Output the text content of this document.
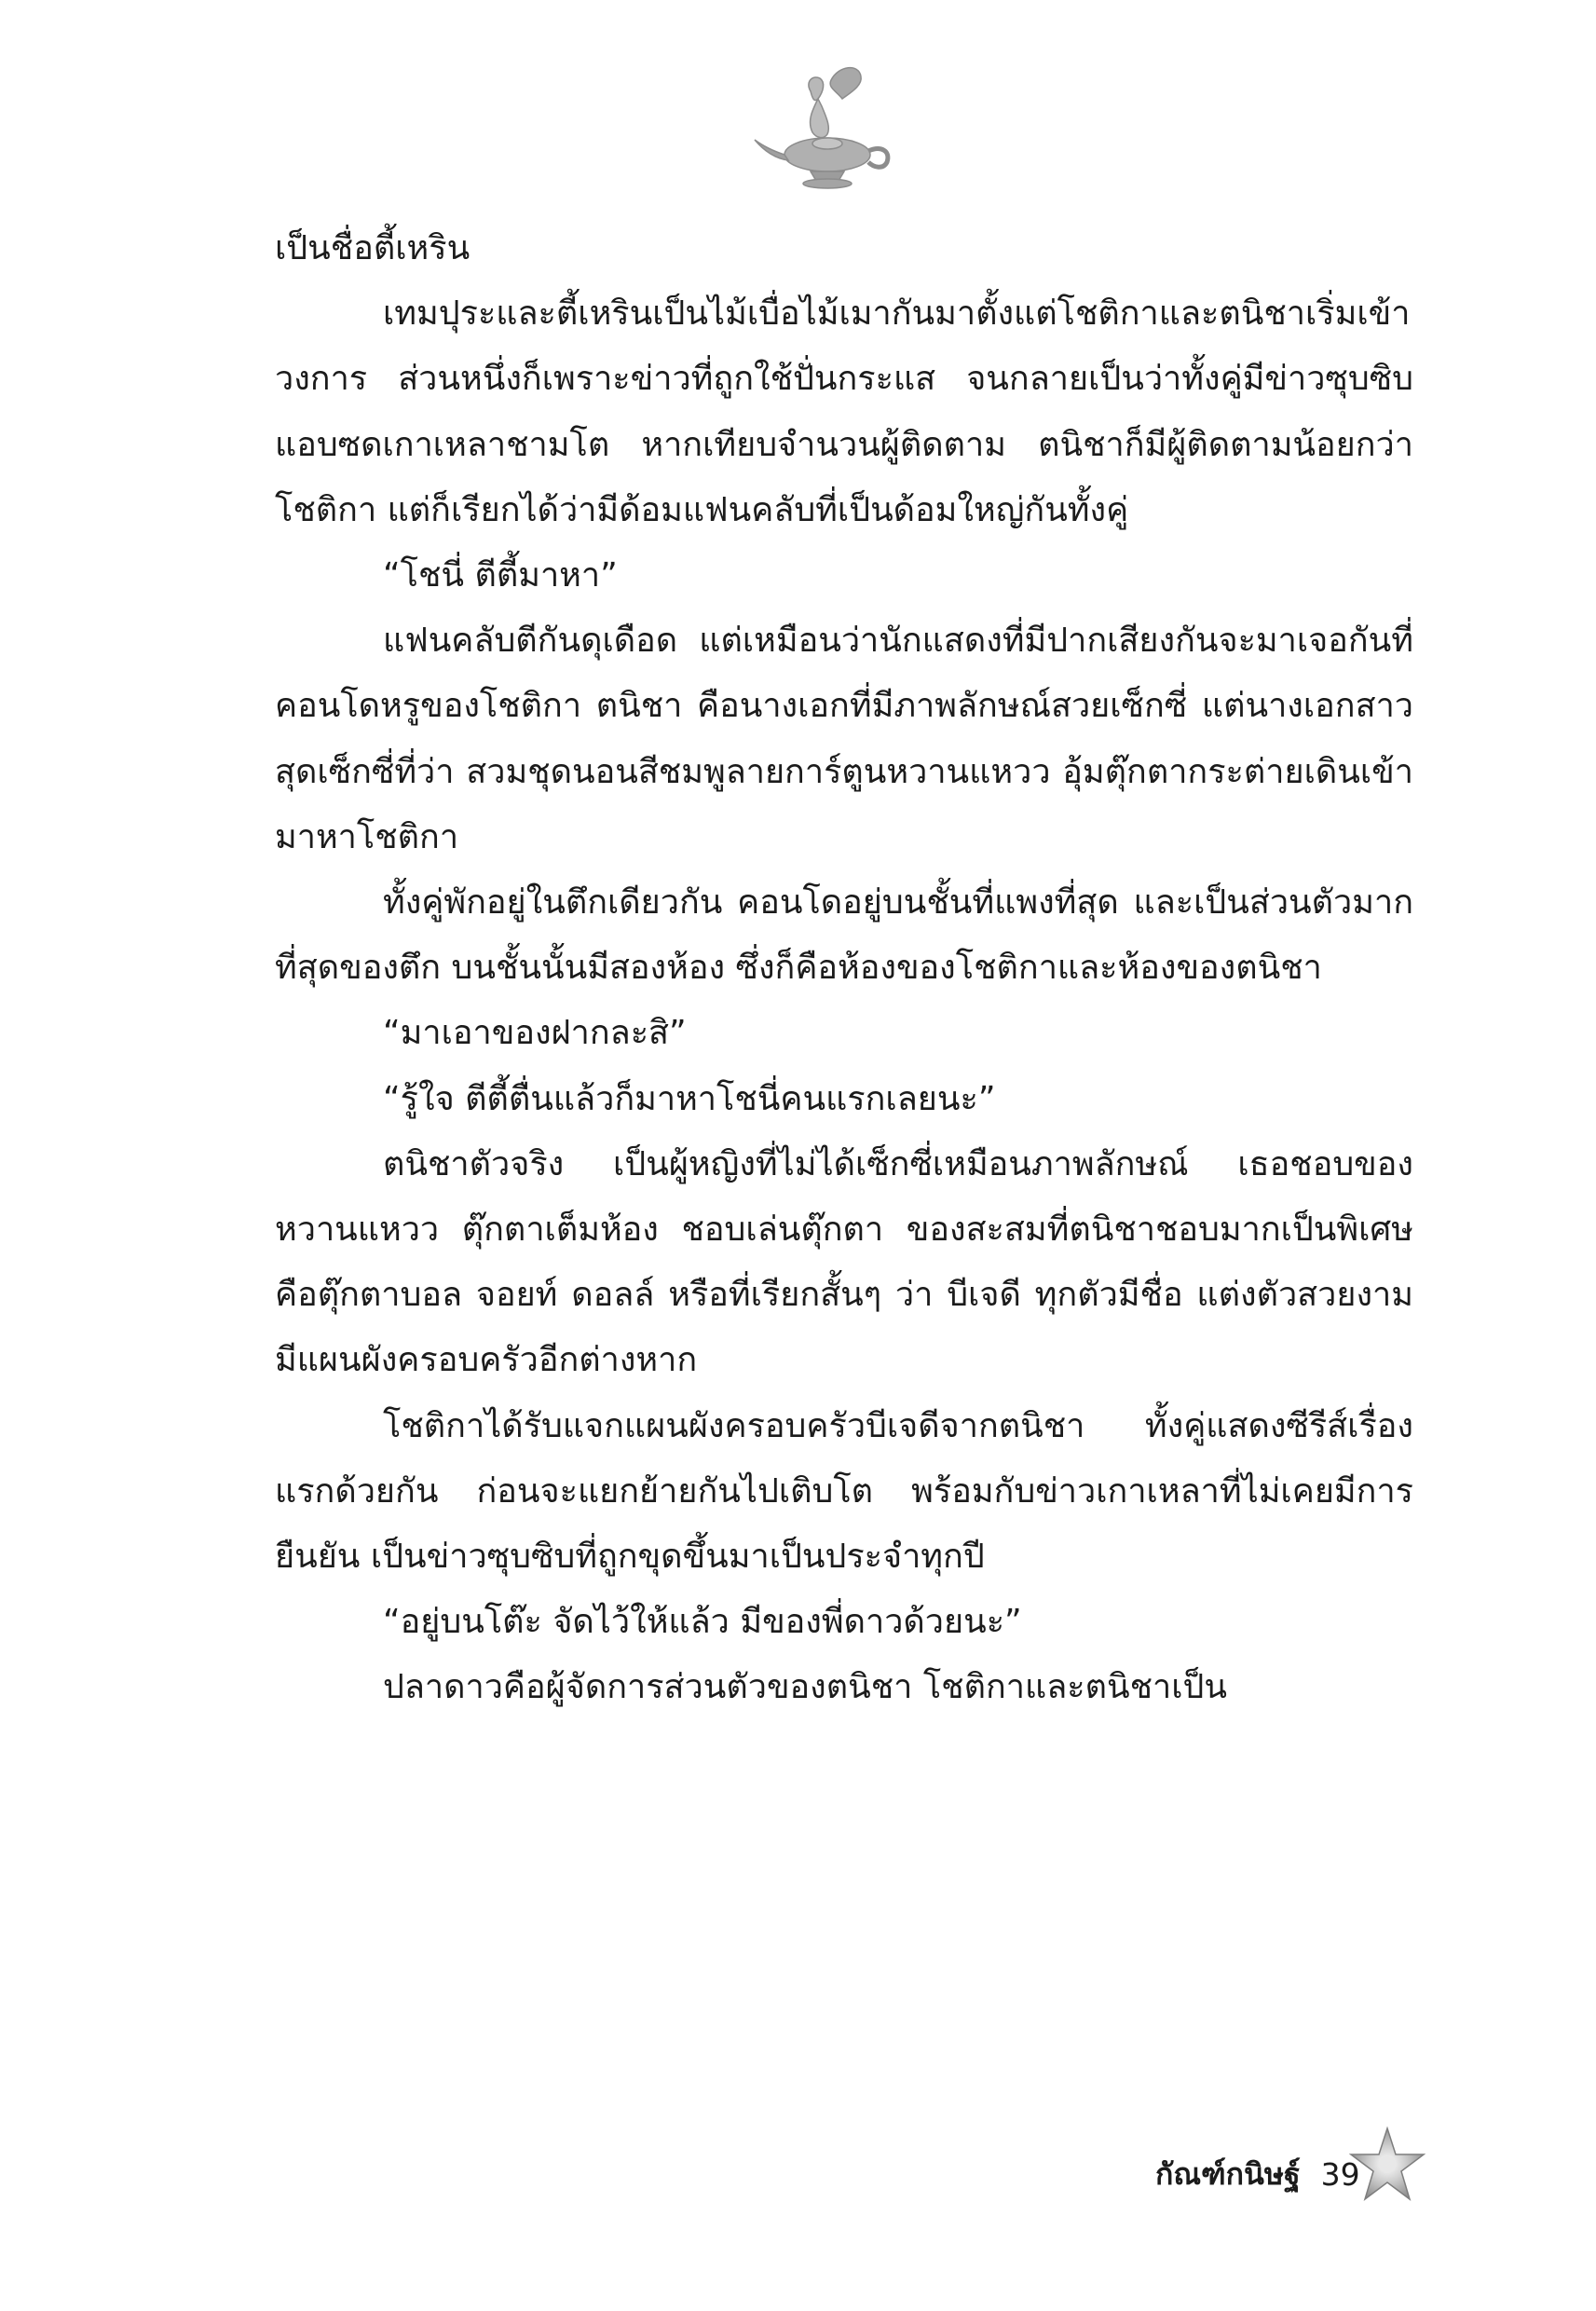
เป็นชื่อตี้เหริน

เทมปุระและตี้เหรินเป็นไม้เบื่อไม้เมากันมาตั้งแต่โชติกาและตนิชาเริ่มเข้าวงการ ส่วนหนึ่งก็เพราะข่าวที่ถูกใช้ปั่นกระแส จนกลายเป็นว่าทั้งคู่มีข่าวซุบซิบแอบซดเกาเหลาชามโต หากเทียบจำนวนผู้ติดตาม ตนิชาก็มีผู้ติดตามน้อยกว่าโชติกา แต่ก็เรียกได้ว่ามีด้อมแฟนคลับที่เป็นด้อมใหญ่กันทั้งคู่

“โชนี่ ตีตี้มาหา”

แฟนคลับตีกันดุเดือด แต่เหมือนว่านักแสดงที่มีปากเสียงกันจะมาเจอกันที่คอนโดหรูของโชติกา ตนิชา คือนางเอกที่มีภาพลักษณ์สวยเซ็กซี่ แต่นางเอกสาวสุดเซ็กซี่ที่ว่า สวมชุดนอนสีชมพูลายการ์ตูนหวานแหวว อุ้มตุ๊กตากระต่ายเดินเข้ามาหาโชติกา

ทั้งคู่พักอยู่ในตึกเดียวกัน คอนโดอยู่บนชั้นที่แพงที่สุด และเป็นส่วนตัวมากที่สุดของตึก บนชั้นนั้นมีสองห้อง ซึ่งก็คือห้องของโชติกาและห้องของตนิชา

“มาเอาของฝากละสิ”

“รู้ใจ ตีตี้ตื่นแล้วก็มาหาโชนี่คนแรกเลยนะ”

ตนิชาตัวจริง เป็นผู้หญิงที่ไม่ได้เซ็กซี่เหมือนภาพลักษณ์ เธอชอบของหวานแหวว ตุ๊กตาเต็มห้อง ชอบเล่นตุ๊กตา ของสะสมที่ตนิชาชอบมากเป็นพิเศษ คือตุ๊กตาบอล จอยท์ ดอลล์ หรือที่เรียกสั้นๆ ว่า บีเจดี ทุกตัวมีชื่อ แต่งตัวสวยงาม มีแผนผังครอบครัวอีกต่างหาก

โชติกาได้รับแจกแผนผังครอบครัวบีเจดีจากตนิชา ทั้งคู่แสดงซีรีส์เรื่องแรกด้วยกัน ก่อนจะแยกย้ายกันไปเติบโต พร้อมกับข่าวเกาเหลาที่ไม่เคยมีการยืนยัน เป็นข่าวซุบซิบที่ถูกขุดขึ้นมาเป็นประจำทุกปี

“อยู่บนโต๊ะ จัดไว้ให้แล้ว มีของพี่ดาวด้วยนะ”

ปลาดาวคือผู้จัดการส่วนตัวของตนิชา โชติกาและตนิชาเป็น

กัณฑ์กนิษฐ์ 39
